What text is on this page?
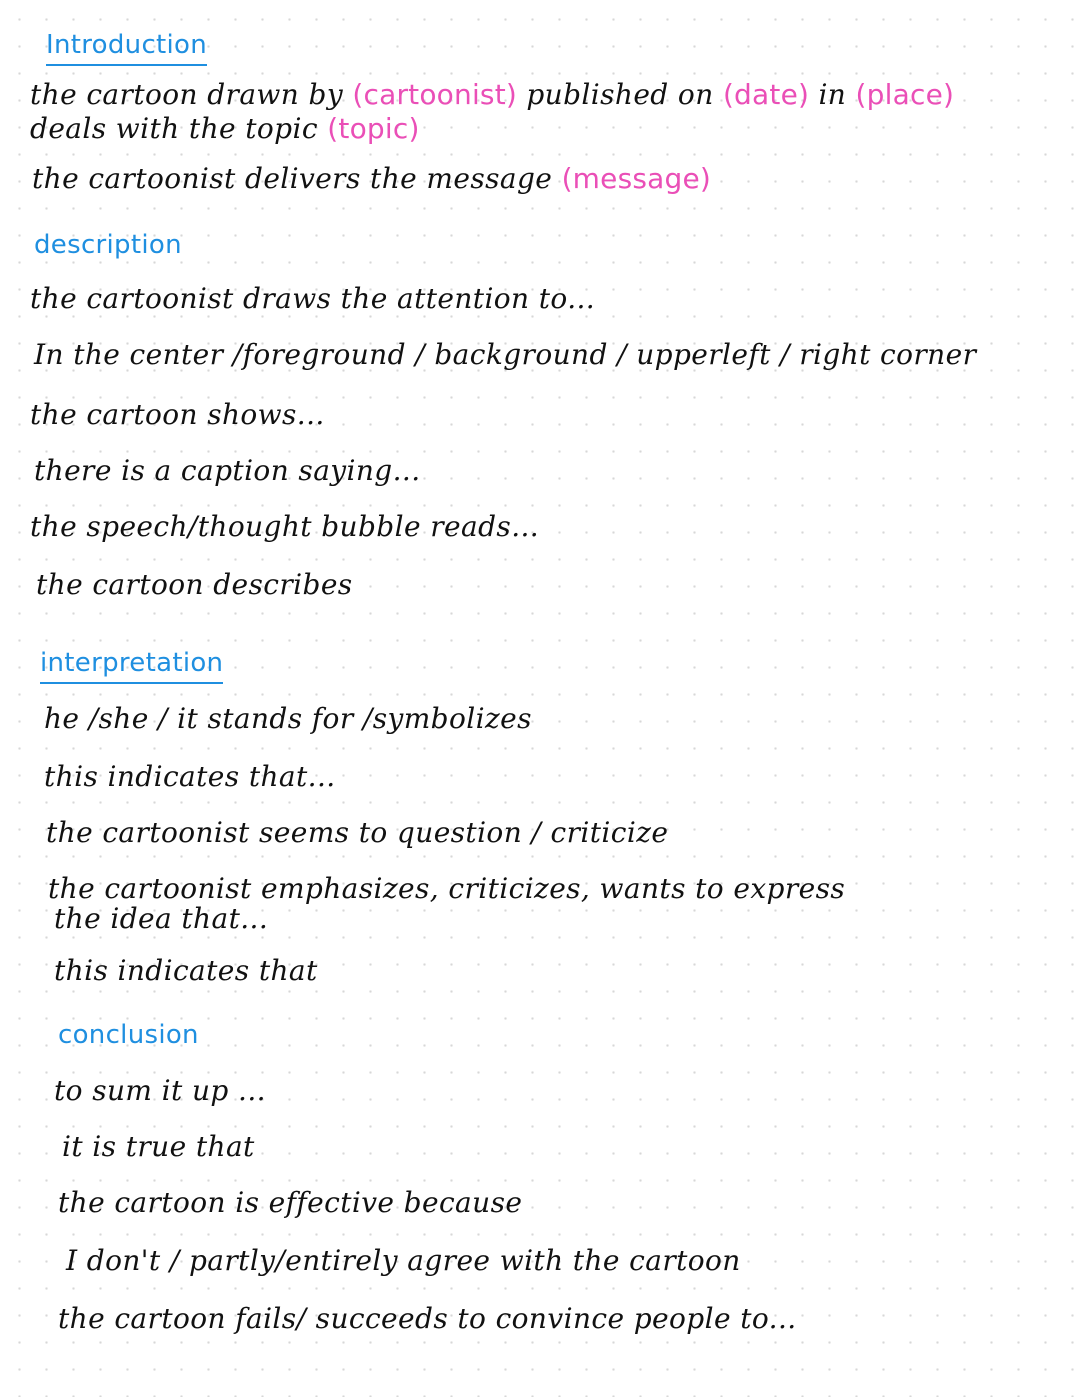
Introduction
the cartoon drawn by (cartoonist) published on (date) in (place)
deals with the topic (topic)
the cartoonist delivers the message (message)
description
the cartoonist draws the attention to...
In the center /foreground / background / upperleft / right corner
the cartoon shows...
there is a caption saying...
the speech/thought bubble reads...
the cartoon describes
interpretation
he /she / it stands for /symbolizes
this indicates that...
the cartoonist seems to question / criticize
the cartoonist emphasizes, criticizes, wants to express
the idea that...
this indicates that
conclusion
to sum it up ...
it is true that
the cartoon is effective because
I don't / partly/entirely agree with the cartoon
the cartoon fails/ succeeds to convince people to...
